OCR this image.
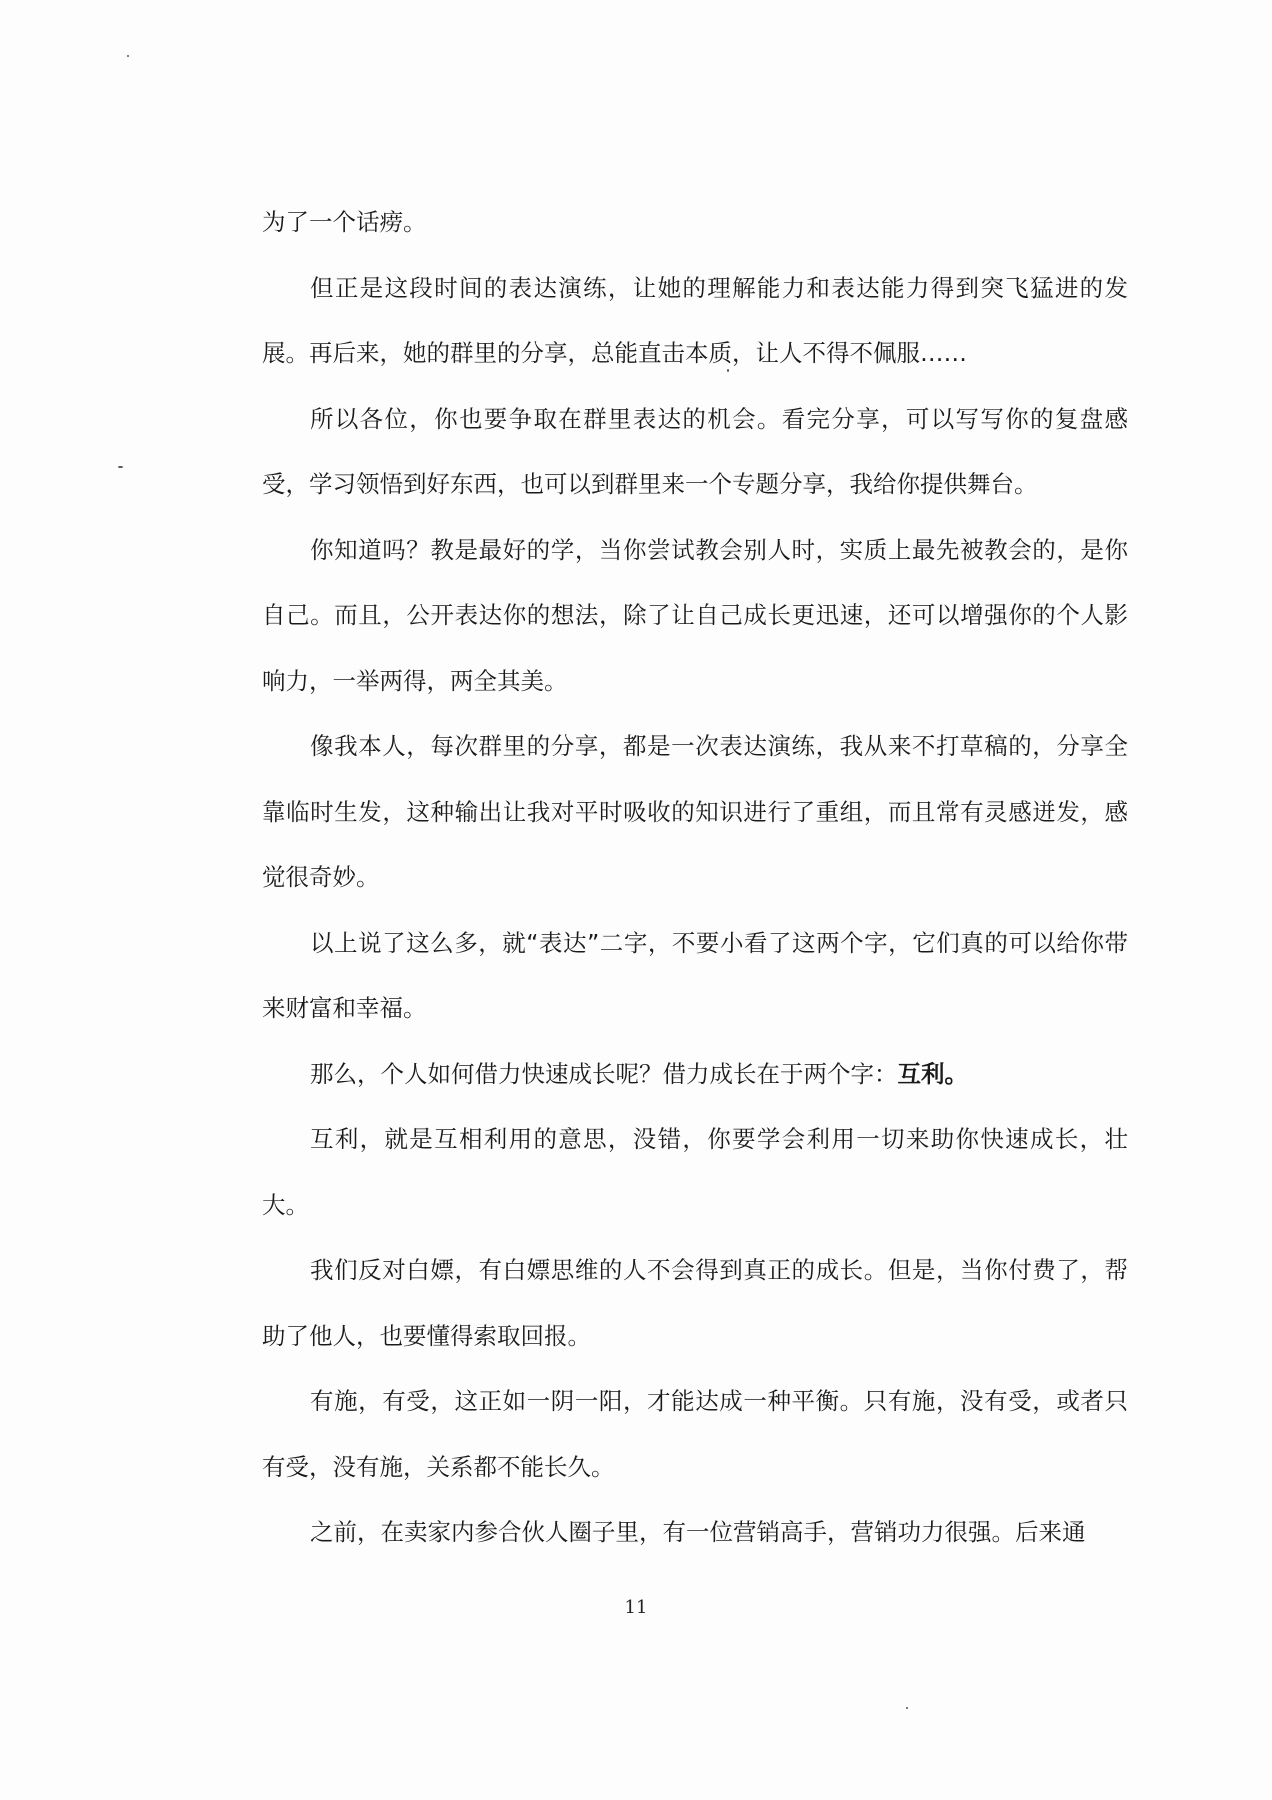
为了一个话痨。

但正是这段时间的表达演练，让她的理解能力和表达能力得到突飞猛进的发展。再后来，她的群里的分享，总能直击本质，让人不得不佩服……

所以各位，你也要争取在群里表达的机会。看完分享，可以写写你的复盘感受，学习领悟到好东西，也可以到群里来一个专题分享，我给你提供舞台。

你知道吗？教是最好的学，当你尝试教会别人时，实质上最先被教会的，是你自己。而且，公开表达你的想法，除了让自己成长更迅速，还可以增强你的个人影响力，一举两得，两全其美。

像我本人，每次群里的分享，都是一次表达演练，我从来不打草稿的，分享全靠临时生发，这种输出让我对平时吸收的知识进行了重组，而且常有灵感迸发，感觉很奇妙。

以上说了这么多，就“表达”二字，不要小看了这两个字，它们真的可以给你带来财富和幸福。

那么，个人如何借力快速成长呢？借力成长在于两个字：互利。

互利，就是互相利用的意思，没错，你要学会利用一切来助你快速成长，壮大。

我们反对白嫖，有白嫖思维的人不会得到真正的成长。但是，当你付费了，帮助了他人，也要懂得索取回报。

有施，有受，这正如一阴一阳，才能达成一种平衡。只有施，没有受，或者只有受，没有施，关系都不能长久。

之前，在卖家内参合伙人圈子里，有一位营销高手，营销功力很强。后来通

11
